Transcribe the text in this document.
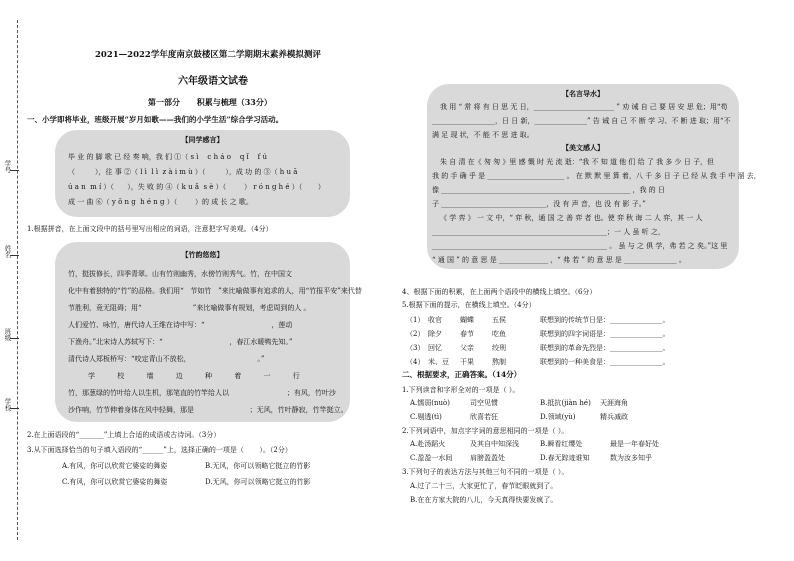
学号
姓名
班级
学校
2021—2022学年度南京鼓楼区第二学期期末素养模拟测评
六年级语文试卷
第一部分      积累与梳理（33分）
一、小学即将毕业，班级开展“岁月如歌——我们的小学生活”综合学习活动。
【同学感言】
毕 业 的 脚 歌 已 经 奏 响，我 们 ①（ s ì    c h á o    q ǐ    f ú
（         ），往 事 ②（ l ì  l ì  z à i m ù ）（         ），成 功 的 ③（ h u ā
ú a n  m í ）（      ），失 败 的 ④（ k u ǎ  s è ）（        ） r ó n g h é ）（       ）
成 一 曲 ⑥（ y ǒ n g  h é n g ）（        ）的 成 长 之 歌。
1.根据拼音，在上面文段中的括号里写出相应的词语，注意把字写美观。（4分）
【竹韵悠悠】
竹，挺拔修长，四季青翠。山有竹则幽秀，水傍竹则秀气。竹，在中国文
化中有着独特的“竹”的品格。我们用“   节如竹   ”来比喻做事有追求的人，用“竹报平安”来代替
节胜利，竟无阻碍；用“                       ”来比喻做事有规划，考虑周到的人 。
人们爱竹、咏竹，唐代诗人王维在诗中写：“                              ，莲动
下渔舟。”北宋诗人苏轼写下：“                              ，春江水暖鸭先知。”
清代诗人郑板桥写：“咬定青山不放松，                              。”
学          校          墙          边          种          着          一          行
竹，那葱绿的竹叶给人以生机，那笔直的竹竿给人以                          ；有风，竹叶沙
沙作响，竹节伸着身体在风中轻舞，那是                         ；无风，竹叶静寂，竹竿挺立。
2.在上面语段的“_______”上填上合适的成语或古诗词。（3分）
3.从下面选择恰当的句子填入语段的“______”上，选择正确的一项是（       ）。（2分）
A.有风，你可以欣赏它婆娑的舞姿	B.无风，你可以领略它挺立的竹影
C.有风，你可以欣赏它婆娑的舞姿	D.无风，你可以领略它挺立的竹影
【名言导水】
我 用 “ 常 将 有 日 思 无 日，_______________________ ” 劝 诫 自 己 要 居 安 思 危；用“苟
__________________，日 日 新，_______________” 告 诫 自 己 不 断 学 习、不 断 进 取；用“不
满 足 现 状，不 能 不 思 进 取。
【美文感人】
朱 自 清 在《 匆 匆 》里 感 慨 时 光 流 逝：“我 不 知 道 他 们 给 了 我 多 少 日 子，但
我 的 手 确 乎 是 ______________________ 。 在 默 默 里 算 着，八 千 多 日 子 已 经 从 我 手 中 溜 去，
像 ______________________________________________________ ，我 的 日
子 ______________________________，没 有 声 音，也 没 有 影 子。”
《 学 弈 》 一 文 中，“ 弈 秋，通 国 之 善 弈 者 也。使 弈 秋 诲 二 人 弈，其 一 人
__________________________________________________；一 人 虽 听 之，
__________________________________________________ 。 虽 与 之 俱 学，弗 若 之 矣。”这 里
“ 通 国 ” 的 意 思 是 ______________ ，“ 弗 若 ” 的 意 思 是 _______________ 。
4、根据下面的积累，在上面两个语段中的横线上填空。（6分）
5.根据下面的提示，在横线上填空。（4分）
（1） 收官	蝴蝶	五侯	联想到的传统节日是：_______________。
（2） 除夕	春节	吃鱼	联想到的四字词语是：_______________。
（3） 回忆	父亲	绞刑	联想到的革命先烈是：_______________。
（4） 米、豆 干果	熬制	联想到的一种美食是：_______________。
二、根据要求，正确答案。（14分）
1.下列读音和字形全对的一项是（ ）。
A.懦弱(nuò)	司空见惯	B.抵抗(jiàn hé) 天涯海角
C.剔透(tì)	欣喜若狂	D.领域(yù)	精兵减政
2.下列词语中，加点字字词的意思相同的一项是（ ）。
A.赴汤蹈火	及其自中知深浅	B.瞬看红缨处	最是一年春好处
C.盈盈一水间	肩膀盈盈处	D.春无踪迹谁知	数为汝多知乎
3.下列句子的表达方法与其他三句不同的一项是（ ）。
A.过了二十三，大家更忙了，春节眨眼就到了。
B.在在方家大院的八儿，今天真得快要发疯了。
